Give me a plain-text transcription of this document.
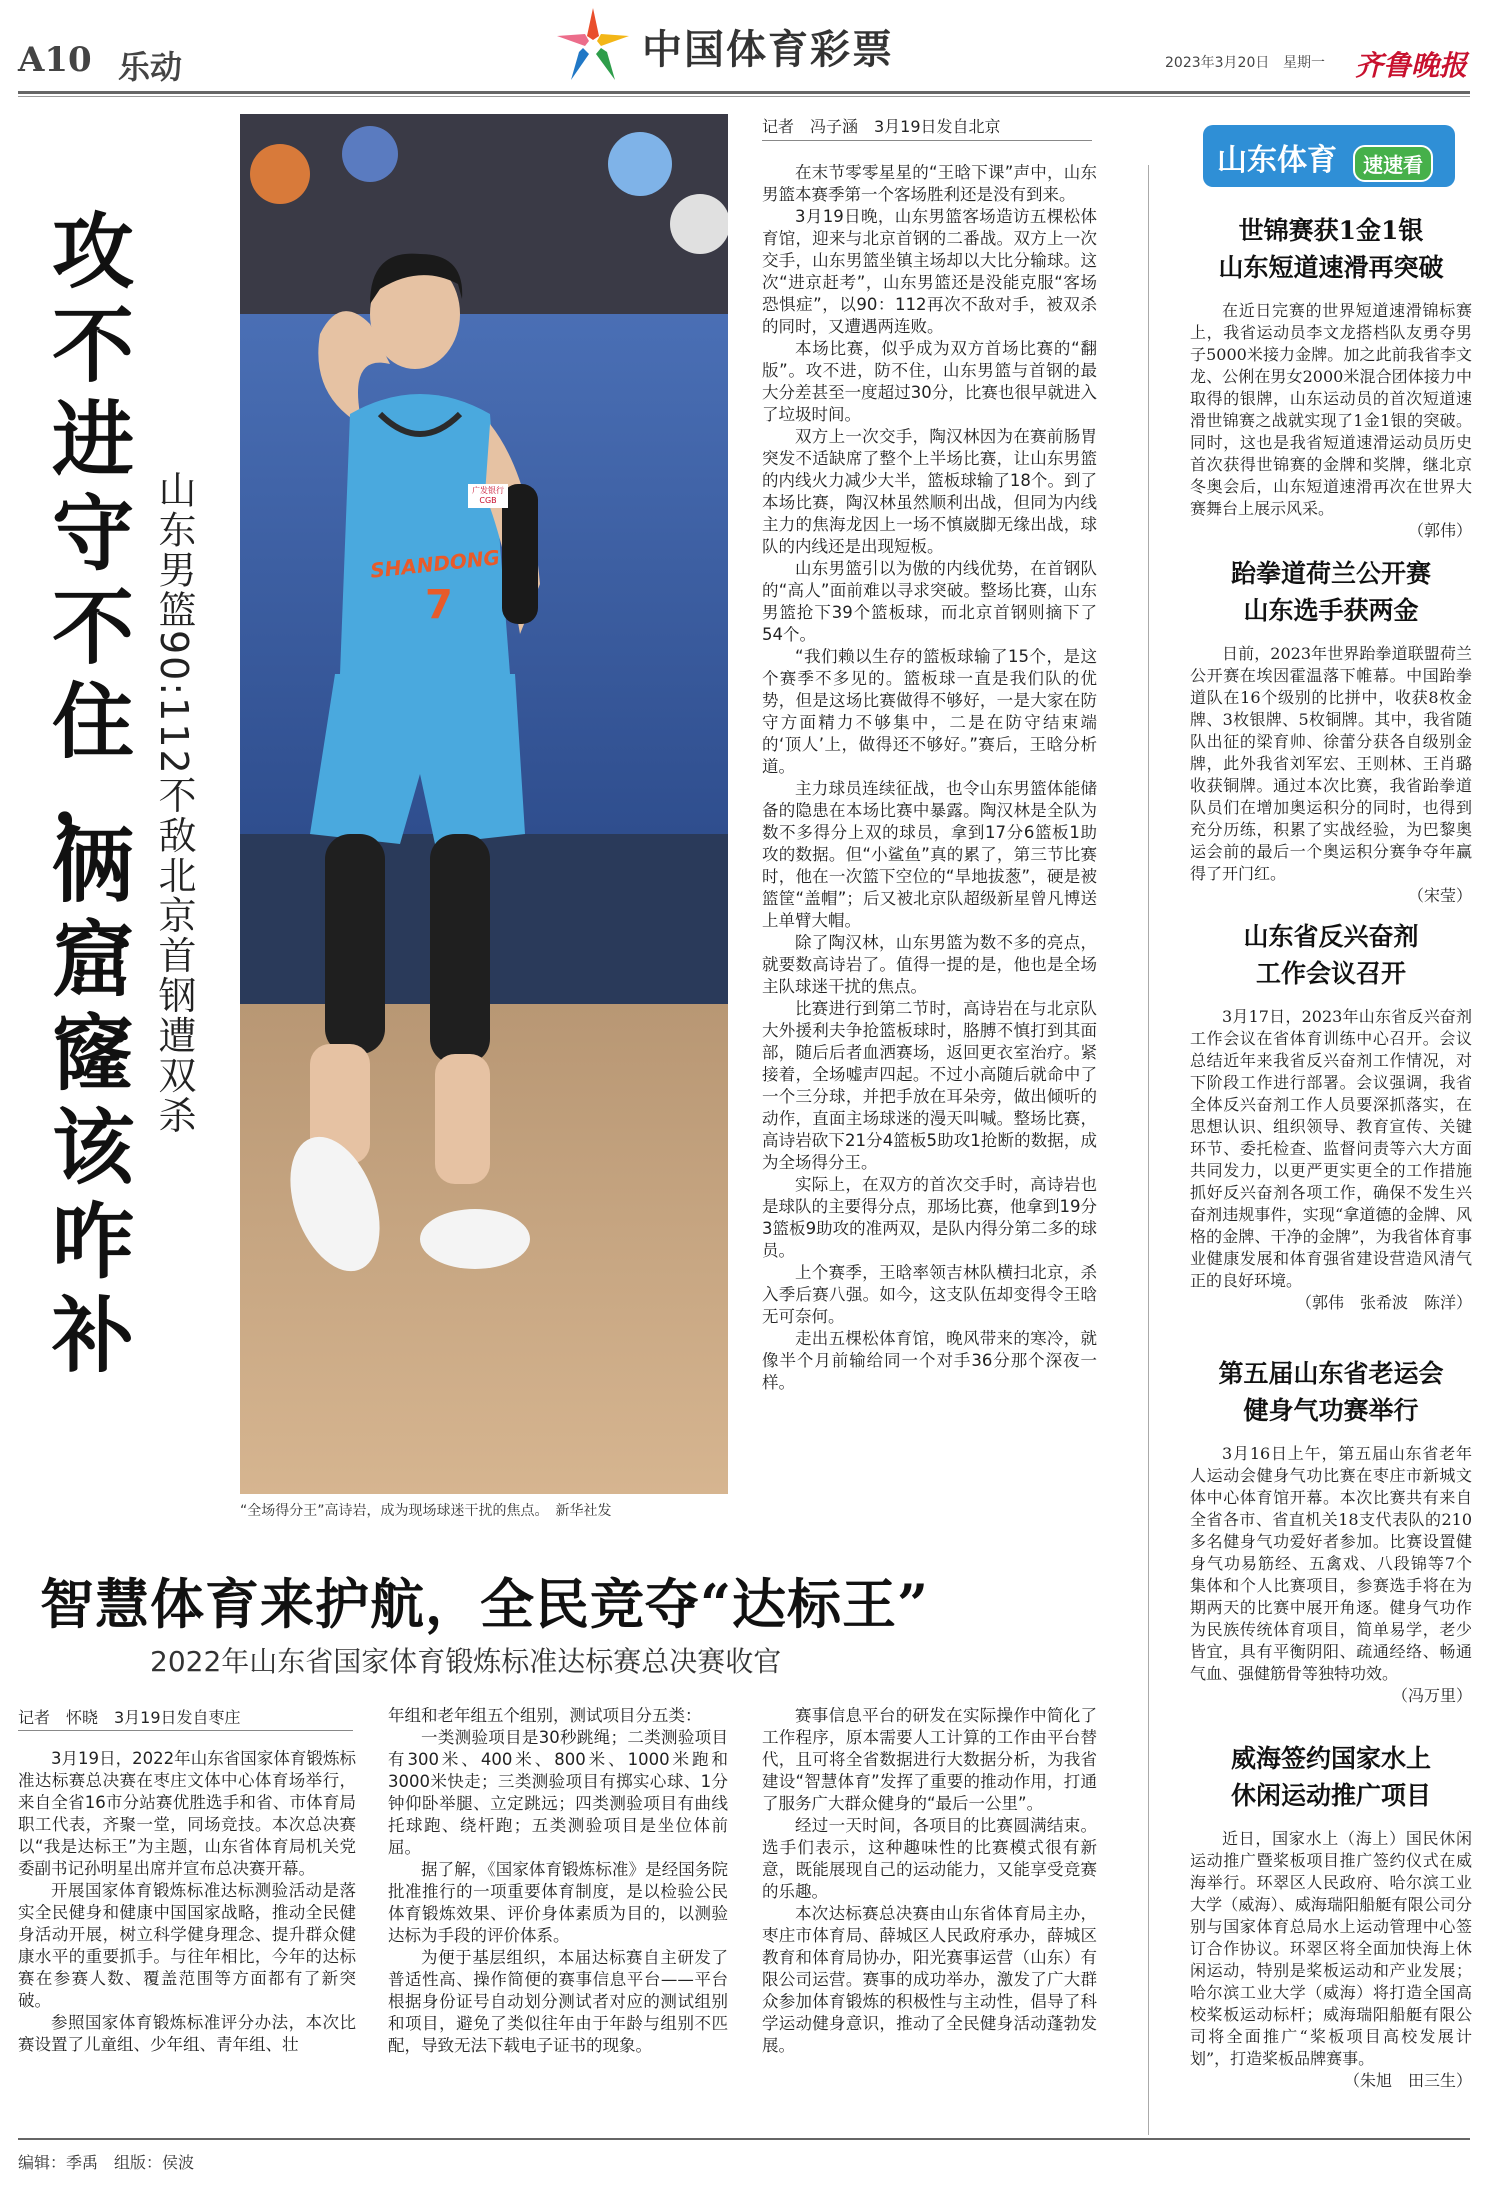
A10 乐动	中国体育彩票	2023年3月20日 星期一 齐鲁晚报
攻
不
进
守
不
住
，
俩
窟
窿
该
咋
补
山东男篮90:112不敌北京首钢遭双杀	SHANDONG
7
广发银行 CGB
“全场得分王”高诗岩，成为现场球迷干扰的焦点。　新华社发
记者　冯子涵　3月19日发自北京

在末节零零星星的“王晗下课”声中，山东男篮本赛季第一个客场胜利还是没有到来。

3月19日晚，山东男篮客场造访五棵松体育馆，迎来与北京首钢的二番战。双方上一次交手，山东男篮坐镇主场却以大比分输球。这次“进京赶考”，山东男篮还是没能克服“客场恐惧症”，以90：112再次不敌对手，被双杀的同时，又遭遇两连败。

本场比赛，似乎成为双方首场比赛的“翻版”。攻不进，防不住，山东男篮与首钢的最大分差甚至一度超过30分，比赛也很早就进入了垃圾时间。

双方上一次交手，陶汉林因为在赛前肠胃突发不适缺席了整个上半场比赛，让山东男篮的内线火力减少大半，篮板球输了18个。到了本场比赛，陶汉林虽然顺利出战，但同为内线主力的焦海龙因上一场不慎崴脚无缘出战，球队的内线还是出现短板。

山东男篮引以为傲的内线优势，在首钢队的“高人”面前难以寻求突破。整场比赛，山东男篮抢下39个篮板球，而北京首钢则摘下了54个。

“我们赖以生存的篮板球输了15个，是这个赛季不多见的。篮板球一直是我们队的优势，但是这场比赛做得不够好，一是大家在防守方面精力不够集中，二是在防守结束端的‘顶人’上，做得还不够好。”赛后，王晗分析道。

主力球员连续征战，也令山东男篮体能储备的隐患在本场比赛中暴露。陶汉林是全队为数不多得分上双的球员，拿到17分6篮板1助攻的数据。但“小鲨鱼”真的累了，第三节比赛时，他在一次篮下空位的“旱地拔葱”，硬是被篮筐“盖帽”；后又被北京队超级新星曾凡博送上单臂大帽。

除了陶汉林，山东男篮为数不多的亮点，就要数高诗岩了。值得一提的是，他也是全场主队球迷干扰的焦点。

比赛进行到第二节时，高诗岩在与北京队大外援利夫争抢篮板球时，胳膊不慎打到其面部，随后后者血洒赛场，返回更衣室治疗。紧接着，全场嘘声四起。不过小高随后就命中了一个三分球，并把手放在耳朵旁，做出倾听的动作，直面主场球迷的漫天叫喊。整场比赛，高诗岩砍下21分4篮板5助攻1抢断的数据，成为全场得分王。

实际上，在双方的首次交手时，高诗岩也是球队的主要得分点，那场比赛，他拿到19分3篮板9助攻的准两双，是队内得分第二多的球员。

上个赛季，王晗率领吉林队横扫北京，杀入季后赛八强。如今，这支队伍却变得令王晗无可奈何。

走出五棵松体育馆，晚风带来的寒冷，就像半个月前输给同一个对手36分那个深夜一样。

山东体育	速速看
世锦赛获1金1银
山东短道速滑再突破

在近日完赛的世界短道速滑锦标赛上，我省运动员李文龙搭档队友勇夺男子5000米接力金牌。加之此前我省李文龙、公俐在男女2000米混合团体接力中取得的银牌，山东运动员的首次短道速滑世锦赛之战就实现了1金1银的突破。同时，这也是我省短道速滑运动员历史首次获得世锦赛的金牌和奖牌，继北京冬奥会后，山东短道速滑再次在世界大赛舞台上展示风采。

（郭伟）
跆拳道荷兰公开赛
山东选手获两金

日前，2023年世界跆拳道联盟荷兰公开赛在埃因霍温落下帷幕。中国跆拳道队在16个级别的比拼中，收获8枚金牌、3枚银牌、5枚铜牌。其中，我省随队出征的梁育帅、徐蕾分获各自级别金牌，此外我省刘军宏、王则林、王肖璐收获铜牌。通过本次比赛，我省跆拳道队员们在增加奥运积分的同时，也得到充分历练，积累了实战经验，为巴黎奥运会前的最后一个奥运积分赛争夺年赢得了开门红。

（宋莹）
山东省反兴奋剂
工作会议召开

3月17日，2023年山东省反兴奋剂工作会议在省体育训练中心召开。会议总结近年来我省反兴奋剂工作情况，对下阶段工作进行部署。会议强调，我省全体反兴奋剂工作人员要深抓落实，在思想认识、组织领导、教育宣传、关键环节、委托检查、监督问责等六大方面共同发力，以更严更实更全的工作措施抓好反兴奋剂各项工作，确保不发生兴奋剂违规事件，实现“拿道德的金牌、风格的金牌、干净的金牌”，为我省体育事业健康发展和体育强省建设营造风清气正的良好环境。

（郭伟　张希波　陈洋）
第五届山东省老运会
健身气功赛举行

3月16日上午，第五届山东省老年人运动会健身气功比赛在枣庄市新城文体中心体育馆开幕。本次比赛共有来自全省各市、省直机关18支代表队的210多名健身气功爱好者参加。比赛设置健身气功易筋经、五禽戏、八段锦等7个集体和个人比赛项目，参赛选手将在为期两天的比赛中展开角逐。健身气功作为民族传统体育项目，简单易学，老少皆宜，具有平衡阴阳、疏通经络、畅通气血、强健筋骨等独特功效。

（冯万里）
威海签约国家水上
休闲运动推广项目

近日，国家水上（海上）国民休闲运动推广暨桨板项目推广签约仪式在威海举行。环翠区人民政府、哈尔滨工业大学（威海）、威海瑞阳船艇有限公司分别与国家体育总局水上运动管理中心签订合作协议。环翠区将全面加快海上休闲运动，特别是桨板运动和产业发展；哈尔滨工业大学（威海）将打造全国高校桨板运动标杆；威海瑞阳船艇有限公司将全面推广“桨板项目高校发展计划”，打造桨板品牌赛事。

（朱旭　田三生）
智慧体育来护航，全民竞夺“达标王”
2022年山东省国家体育锻炼标准达标赛总决赛收官
记者　怀晓　3月19日发自枣庄

3月19日，2022年山东省国家体育锻炼标准达标赛总决赛在枣庄文体中心体育场举行，来自全省16市分站赛优胜选手和省、市体育局职工代表，齐聚一堂，同场竞技。本次总决赛以“我是达标王”为主题，山东省体育局机关党委副书记孙明星出席并宣布总决赛开幕。

开展国家体育锻炼标准达标测验活动是落实全民健身和健康中国国家战略，推动全民健身活动开展，树立科学健身理念、提升群众健康水平的重要抓手。与往年相比，今年的达标赛在参赛人数、覆盖范围等方面都有了新突破。

参照国家体育锻炼标准评分办法，本次比赛设置了儿童组、少年组、青年组、壮

年组和老年组五个组别，测试项目分五类：

一类测验项目是30秒跳绳；二类测验项目有300米、400米、800米、1000米跑和3000米快走；三类测验项目有掷实心球、1分钟仰卧举腿、立定跳远；四类测验项目有曲线托球跑、绕杆跑；五类测验项目是坐位体前屈。

据了解，《国家体育锻炼标准》是经国务院批准推行的一项重要体育制度，是以检验公民体育锻炼效果、评价身体素质为目的，以测验达标为手段的评价体系。

为便于基层组织，本届达标赛自主研发了普适性高、操作简便的赛事信息平台——平台根据身份证号自动划分测试者对应的测试组别和项目，避免了类似往年由于年龄与组别不匹配，导致无法下载电子证书的现象。

赛事信息平台的研发在实际操作中简化了工作程序，原本需要人工计算的工作由平台替代，且可将全省数据进行大数据分析，为我省建设“智慧体育”发挥了重要的推动作用，打通了服务广大群众健身的“最后一公里”。

经过一天时间，各项目的比赛圆满结束。选手们表示，这种趣味性的比赛模式很有新意，既能展现自己的运动能力，又能享受竞赛的乐趣。

本次达标赛总决赛由山东省体育局主办，枣庄市体育局、薛城区人民政府承办，薛城区教育和体育局协办，阳光赛事运营（山东）有限公司运营。赛事的成功举办，激发了广大群众参加体育锻炼的积极性与主动性，倡导了科学运动健身意识，推动了全民健身活动蓬勃发展。

编辑：季禹　组版：侯波
